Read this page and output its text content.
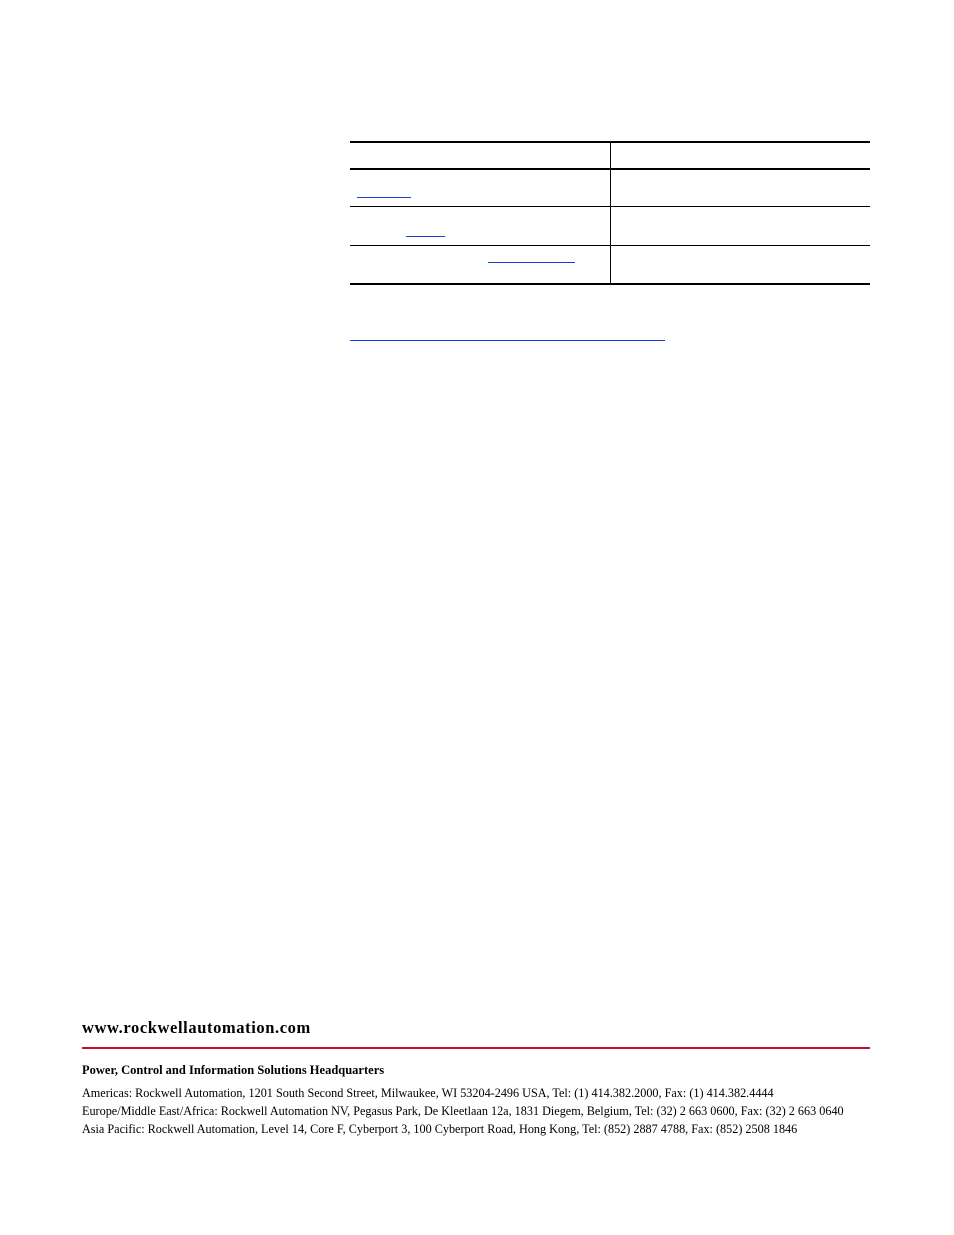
www.rockwellautomation.com

Power, Control and Information Solutions Headquarters

Americas: Rockwell Automation, 1201 South Second Street, Milwaukee, WI 53204-2496 USA, Tel: (1) 414.382.2000, Fax: (1) 414.382.4444

Europe/Middle East/Africa: Rockwell Automation NV, Pegasus Park, De Kleetlaan 12a, 1831 Diegem, Belgium, Tel: (32) 2 663 0600, Fax: (32) 2 663 0640

Asia Pacific: Rockwell Automation, Level 14, Core F, Cyberport 3, 100 Cyberport Road, Hong Kong, Tel: (852) 2887 4788, Fax: (852) 2508 1846
